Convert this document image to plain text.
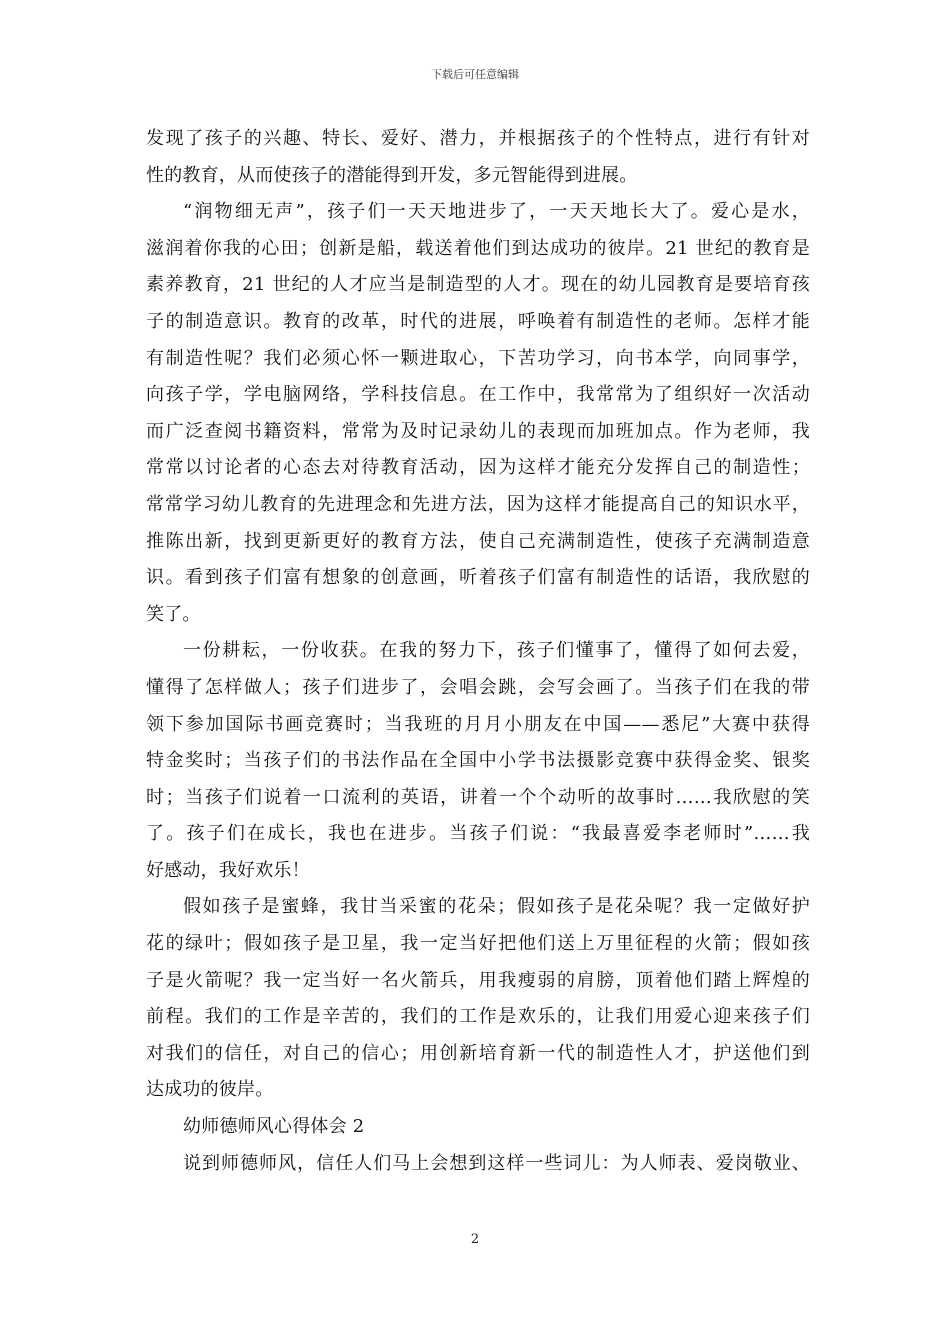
下载后可任意编辑
发现了孩子的兴趣、特长、爱好、潜力，并根据孩子的个性特点，进行有针对
性的教育，从而使孩子的潜能得到开发，多元智能得到进展。
“润物细无声”，孩子们一天天地进步了，一天天地长大了。爱心是水，
滋润着你我的心田；创新是船，载送着他们到达成功的彼岸。21 世纪的教育是
素养教育，21 世纪的人才应当是制造型的人才。现在的幼儿园教育是要培育孩
子的制造意识。教育的改革，时代的进展，呼唤着有制造性的老师。怎样才能
有制造性呢？我们必须心怀一颗进取心，下苦功学习，向书本学，向同事学，
向孩子学，学电脑网络，学科技信息。在工作中，我常常为了组织好一次活动
而广泛查阅书籍资料，常常为及时记录幼儿的表现而加班加点。作为老师，我
常常以讨论者的心态去对待教育活动，因为这样才能充分发挥自己的制造性；
常常学习幼儿教育的先进理念和先进方法，因为这样才能提高自己的知识水平，
推陈出新，找到更新更好的教育方法，使自己充满制造性，使孩子充满制造意
识。看到孩子们富有想象的创意画，听着孩子们富有制造性的话语，我欣慰的
笑了。
一份耕耘，一份收获。在我的努力下，孩子们懂事了，懂得了如何去爱，
懂得了怎样做人；孩子们进步了，会唱会跳，会写会画了。当孩子们在我的带
领下参加国际书画竞赛时；当我班的月月小朋友在中国——悉尼”大赛中获得
特金奖时；当孩子们的书法作品在全国中小学书法摄影竞赛中获得金奖、银奖
时；当孩子们说着一口流利的英语，讲着一个个动听的故事时……我欣慰的笑
了。孩子们在成长，我也在进步。当孩子们说：“我最喜爱李老师时”……我
好感动，我好欢乐！
假如孩子是蜜蜂，我甘当采蜜的花朵；假如孩子是花朵呢？我一定做好护
花的绿叶；假如孩子是卫星，我一定当好把他们送上万里征程的火箭；假如孩
子是火箭呢？我一定当好一名火箭兵，用我瘦弱的肩膀，顶着他们踏上辉煌的
前程。我们的工作是辛苦的，我们的工作是欢乐的，让我们用爱心迎来孩子们
对我们的信任，对自己的信心；用创新培育新一代的制造性人才，护送他们到
达成功的彼岸。
幼师德师风心得体会 2
说到师德师风，信任人们马上会想到这样一些词儿：为人师表、爱岗敬业、
2
